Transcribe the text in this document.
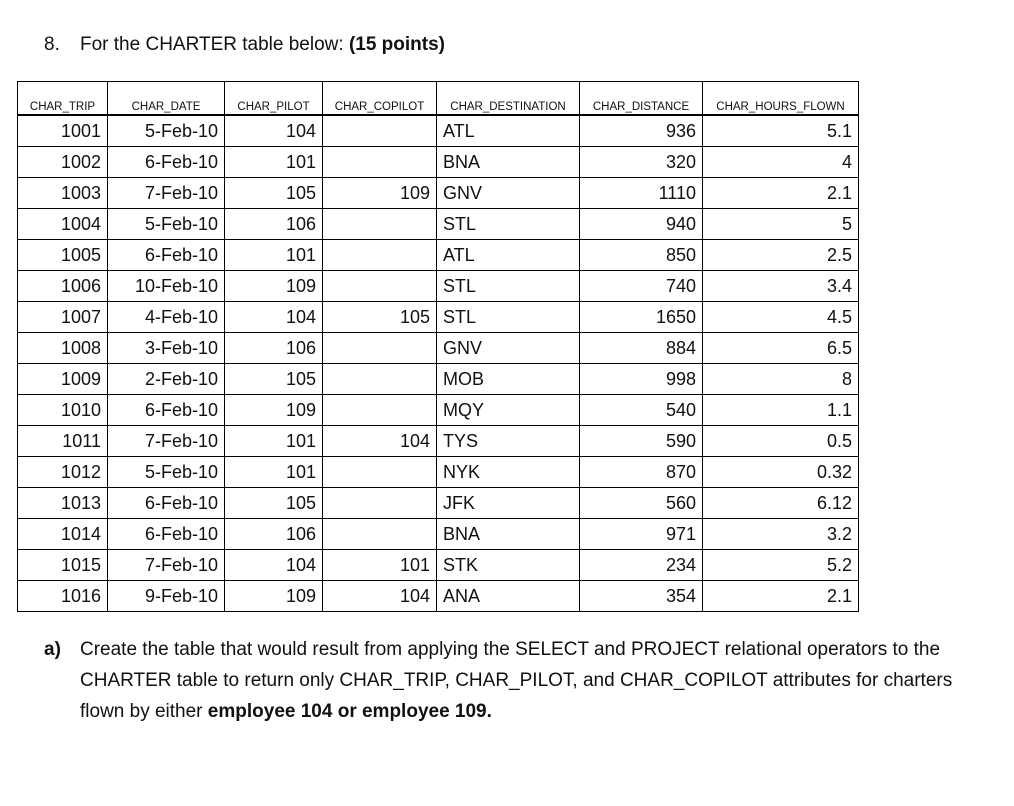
8. For the CHARTER table below: (15 points)
CHAR_TRIP	CHAR_DATE	CHAR_PILOT	CHAR_COPILOT	CHAR_DESTINATION	CHAR_DISTANCE	CHAR_HOURS_FLOWN
1001	5-Feb-10	104		ATL	936	5.1
1002	6-Feb-10	101		BNA	320	4
1003	7-Feb-10	105	109	GNV	1110	2.1
1004	5-Feb-10	106		STL	940	5
1005	6-Feb-10	101		ATL	850	2.5
1006	10-Feb-10	109		STL	740	3.4
1007	4-Feb-10	104	105	STL	1650	4.5
1008	3-Feb-10	106		GNV	884	6.5
1009	2-Feb-10	105		MOB	998	8
1010	6-Feb-10	109		MQY	540	1.1
1011	7-Feb-10	101	104	TYS	590	0.5
1012	5-Feb-10	101		NYK	870	0.32
1013	6-Feb-10	105		JFK	560	6.12
1014	6-Feb-10	106		BNA	971	3.2
1015	7-Feb-10	104	101	STK	234	5.2
1016	9-Feb-10	109	104	ANA	354	2.1
a) Create the table that would result from applying the SELECT and PROJECT relational operators to the CHARTER table to return only CHAR_TRIP, CHAR_PILOT, and CHAR_COPILOT attributes for charters flown by either employee 104 or employee 109.
